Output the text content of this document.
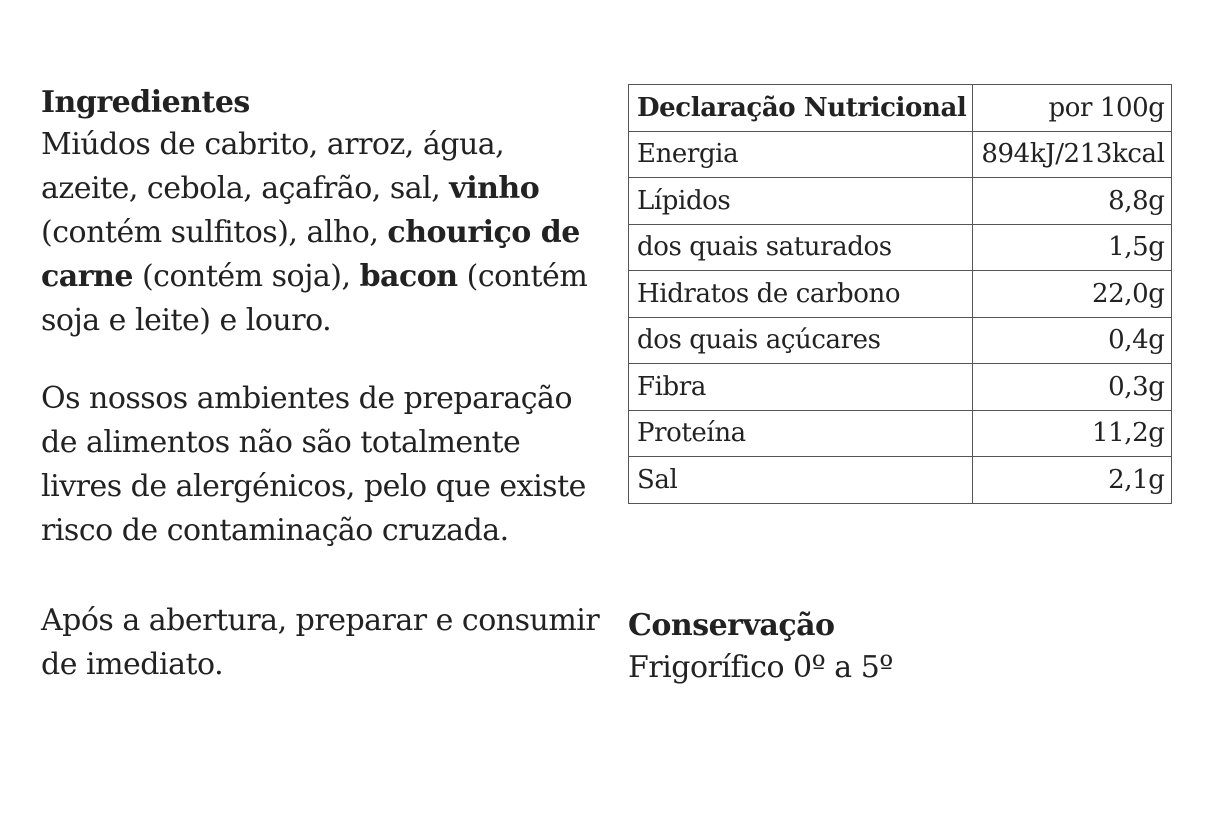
Ingredientes

Miúdos de cabrito, arroz, água, azeite, cebola, açafrão, sal, vinho (contém sulfitos), alho, chouriço de carne (contém soja), bacon (contém soja e leite) e louro.

Os nossos ambientes de preparação de alimentos não são totalmente livres de alergénicos, pelo que existe risco de contaminação cruzada.

Após a abertura, preparar e consumir de imediato.

Declaração Nutricional	por 100g
Energia	894kJ/213kcal
Lípidos	8,8g
dos quais saturados	1,5g
Hidratos de carbono	22,0g
dos quais açúcares	0,4g
Fibra	0,3g
Proteína	11,2g
Sal	2,1g
Conservação

Frigorífico 0º a 5º
